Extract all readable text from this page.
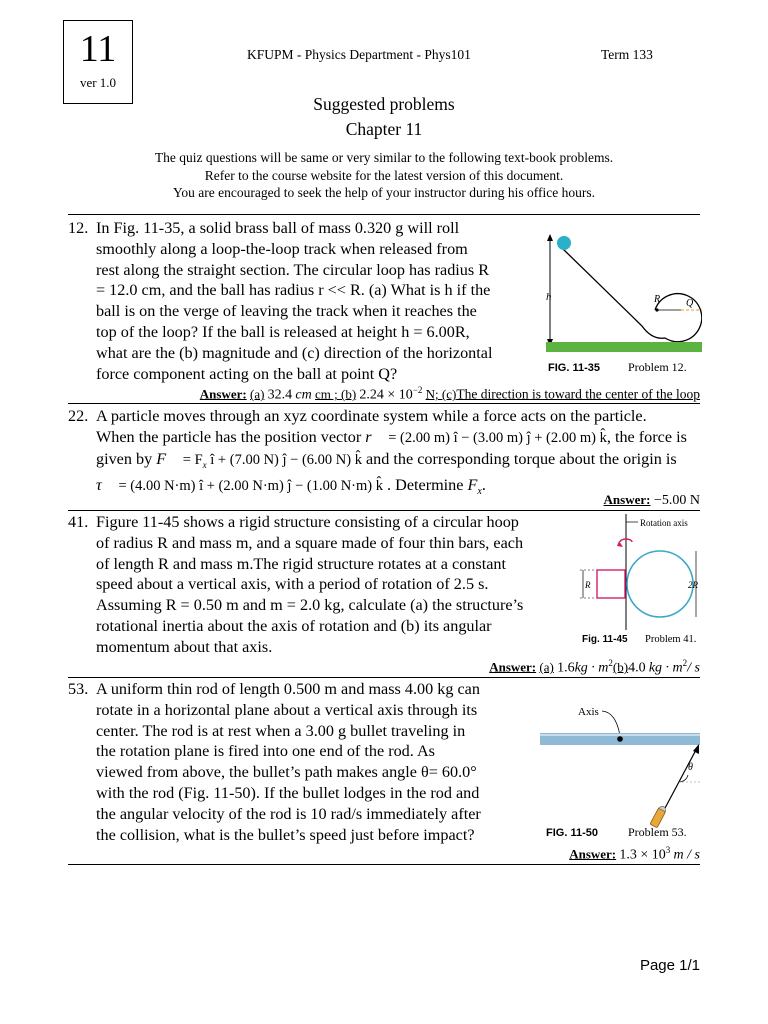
11
ver 1.0
KFUPM - Physics Department - Phys101	Term 133
Suggested problems
Chapter 11
The quiz questions will be same or very similar to the following text-book problems.
Refer to the course website for the latest version of this document.
You are encouraged to seek the help of your instructor during his office hours.
12. In Fig. 11-35, a solid brass ball of mass 0.320 g will roll
smoothly along a loop-the-loop track when released from
rest along the straight section. The circular loop has radius R
= 12.0 cm, and the ball has radius r << R. (a) What is h if the
ball is on the verge of leaving the track when it reaches the
top of the loop? If the ball is released at height h = 6.00R,
what are the (b) magnitude and (c) direction of the horizontal
force component acting on the ball at point Q?
h	R	Q
FIG. 11-35 Problem 12.
Answer: (a) 32.4 cm cm ; (b) $2.24 \times 10^{-2}$ N; (c)The direction is toward the center of the loop
22. A particle moves through an xyz coordinate system while a force acts on the particle.
When the particle has the position vector r⃗ = (2.00 m) î − (3.00 m) ĵ + (2.00 m) k̂, the force is
given by F⃗ = $F_x$ î + (7.00 N) ĵ − (6.00 N) k̂ and the corresponding torque about the origin is
τ⃗ = (4.00 N·m) î + (2.00 N·m) ĵ − (1.00 N·m) k̂ . Determine $F_x$.
Answer: −5.00 N
41. Figure 11-45 shows a rigid structure consisting of a circular hoop
of radius R and mass m, and a square made of four thin bars, each
of length R and mass m.The rigid structure rotates at a constant
speed about a vertical axis, with a period of rotation of 2.5 s.
Assuming R = 0.50 m and m = 2.0 kg, calculate (a) the structure’s
rotational inertia about the axis of rotation and (b) its angular
momentum about that axis.
Rotation axis
R	2R
Fig. 11-45 Problem 41.
Answer: (a) $1.6kg \cdot m^2(b)4.0$ kg · $m^2/$ s
53. A uniform thin rod of length 0.500 m and mass 4.00 kg can
rotate in a horizontal plane about a vertical axis through its
center. The rod is at rest when a 3.00 g bullet traveling in
the rotation plane is fired into one end of the rod. As
viewed from above, the bullet’s path makes angle θ= 60.0°
with the rod (Fig. 11-50). If the bullet lodges in the rod and
the angular velocity of the rod is 10 rad/s immediately after
the collision, what is the bullet’s speed just before impact?
Axis
θ
FIG. 11-50	Problem 53.
Answer: $1.3 \times 10^3$ m / s
Page 1/1
